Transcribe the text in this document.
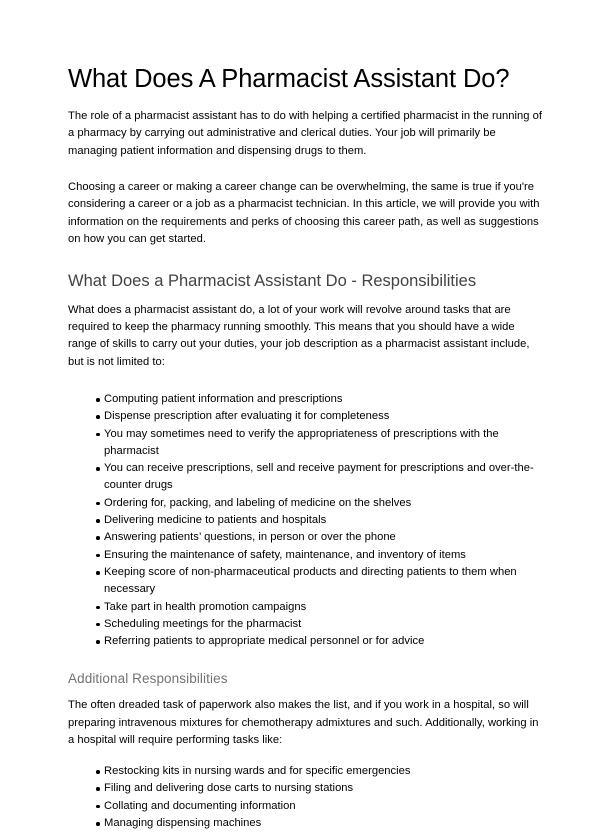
What Does A Pharmacist Assistant Do?

The role of a pharmacist assistant has to do with helping a certified pharmacist in the running of a pharmacy by carrying out administrative and clerical duties. Your job will primarily be managing patient information and dispensing drugs to them.

Choosing a career or making a career change can be overwhelming, the same is true if you're considering a career or a job as a pharmacist technician. In this article, we will provide you with information on the requirements and perks of choosing this career path, as well as suggestions on how you can get started.

What Does a Pharmacist Assistant Do - Responsibilities

What does a pharmacist assistant do, a lot of your work will revolve around tasks that are required to keep the pharmacy running smoothly. This means that you should have a wide range of skills to carry out your duties, your job description as a pharmacist assistant include, but is not limited to:

Computing patient information and prescriptions
Dispense prescription after evaluating it for completeness
You may sometimes need to verify the appropriateness of prescriptions with the pharmacist
You can receive prescriptions, sell and receive payment for prescriptions and over-the-counter drugs
Ordering for, packing, and labeling of medicine on the shelves
Delivering medicine to patients and hospitals
Answering patients’ questions, in person or over the phone
Ensuring the maintenance of safety, maintenance, and inventory of items
Keeping score of non-pharmaceutical products and directing patients to them when necessary
Take part in health promotion campaigns
Scheduling meetings for the pharmacist
Referring patients to appropriate medical personnel or for advice
Additional Responsibilities

The often dreaded task of paperwork also makes the list, and if you work in a hospital, so will preparing intravenous mixtures for chemotherapy admixtures and such. Additionally, working in a hospital will require performing tasks like:

Restocking kits in nursing wards and for specific emergencies
Filing and delivering dose carts to nursing stations
Collating and documenting information
Managing dispensing machines
